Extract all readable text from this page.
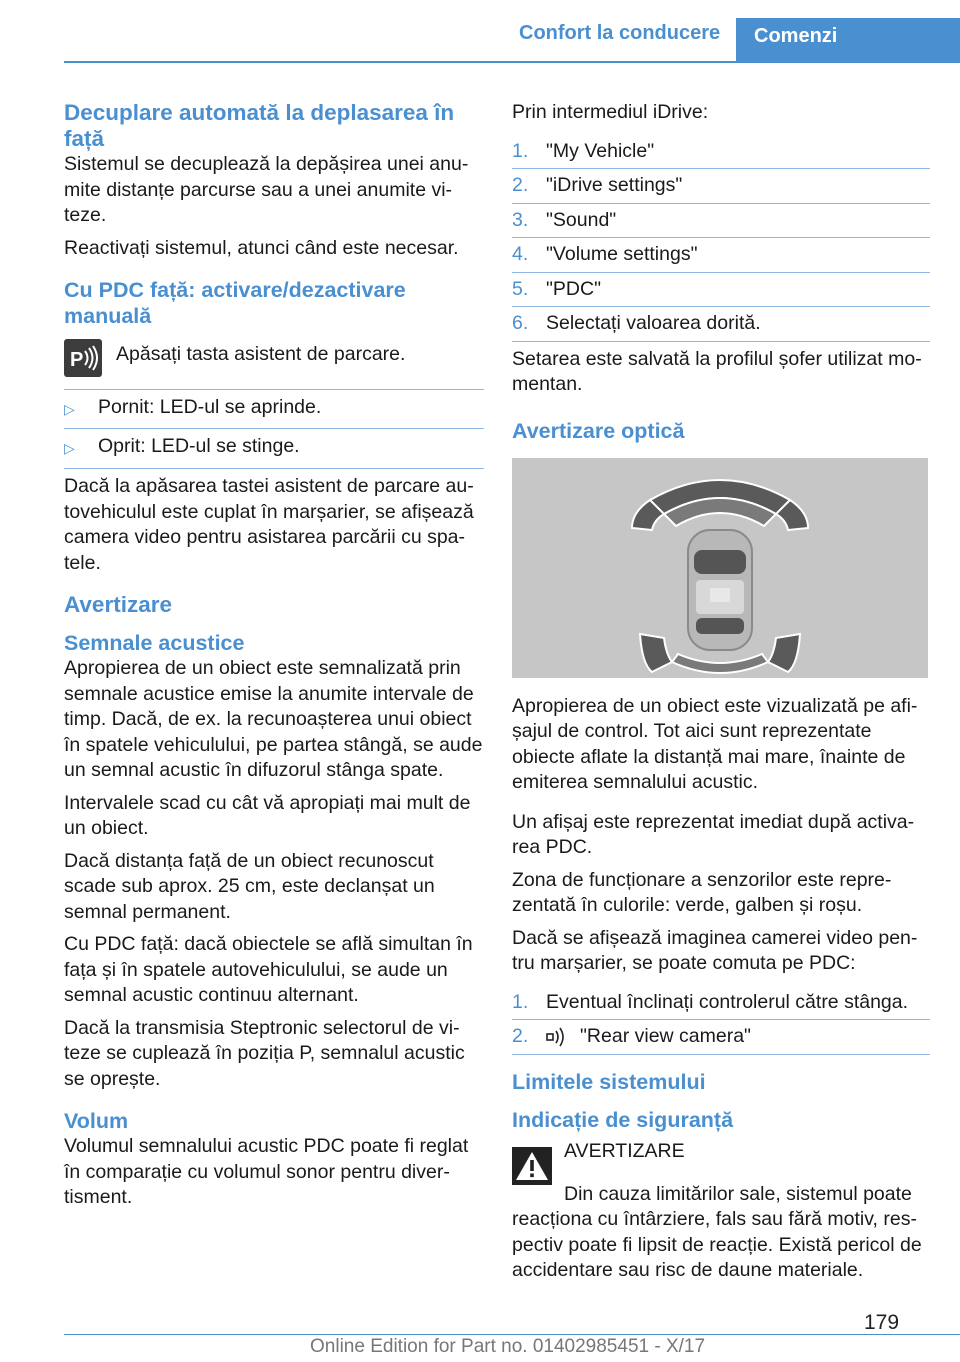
Confort la conducere	Comenzi
Decuplare automată la deplasarea în față

Sistemul se decuplează la depășirea unei anumite distanțe parcurse sau a unei anumite viteze.

Reactivați sistemul, atunci când este necesar.

Cu PDC față: activare/dezactivare manuală
P Apăsați tasta asistent de parcare.
▷	Pornit: LED-ul se aprinde.
▷	Oprit: LED-ul se stinge.

Dacă la apăsarea tastei asistent de parcare autovehiculul este cuplat în marșarier, se afișează camera video pentru asistarea parcării cu spatele.

Avertizare
Semnale acustice

Apropierea de un obiect este semnalizată prin semnale acustice emise la anumite intervale de timp. Dacă, de ex. la recunoașterea unui obiect în spatele vehiculului, pe partea stângă, se aude un semnal acustic în difuzorul stânga spate.

Intervalele scad cu cât vă apropiați mai mult de un obiect.

Dacă distanța față de un obiect recunoscut scade sub aprox. 25 cm, este declanșat un semnal permanent.

Cu PDC față: dacă obiectele se află simultan în fața și în spatele autovehiculului, se aude un semnal acustic continuu alternant.

Dacă la transmisia Steptronic selectorul de viteze se cuplează în poziția P, semnalul acustic se oprește.

Volum

Volumul semnalului acustic PDC poate fi reglat în comparație cu volumul sonor pentru divertisment.

Prin intermediul iDrive:

1. "My Vehicle"
2. "iDrive settings"
3. "Sound"
4. "Volume settings"
5. "PDC"
6. Selectați valoarea dorită.

Setarea este salvată la profilul șofer utilizat momentan.

Avertizare optică

Apropierea de un obiect este vizualizată pe afișajul de control. Tot aici sunt reprezentate obiecte aflate la distanță mai mare, înainte de emiterea semnalului acustic.

Un afișaj este reprezentat imediat după activarea PDC.

Zona de funcționare a senzorilor este reprezentată în culorile: verde, galben și roșu.

Dacă se afișează imaginea camerei video pentru marșarier, se poate comuta pe PDC:

1. Eventual înclinați controlerul către stânga.
2.	"Rear view camera"
Limitele sistemului
Indicație de siguranță
AVERTIZARE

Din cauza limitărilor sale, sistemul poate reacționa cu întârziere, fals sau fără motiv, respectiv poate fi lipsit de reacție. Există pericol de accidentare sau risc de daune materiale.

179
Online Edition for Part no. 01402985451 - X/17
